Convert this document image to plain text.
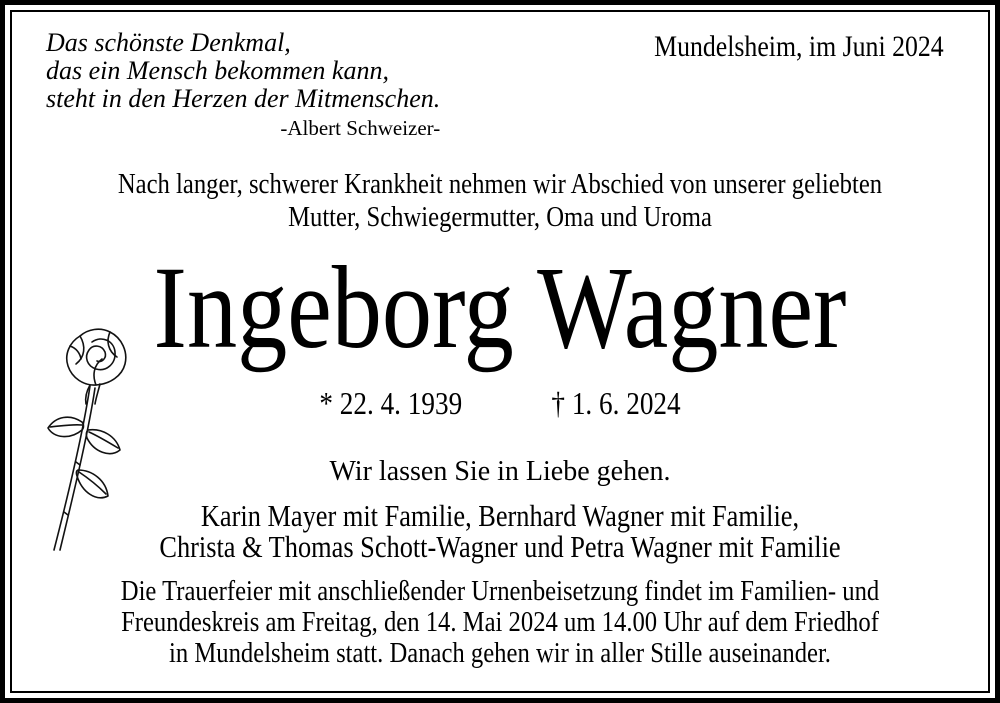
Das schönste Denkmal,
das ein Mensch bekommen kann,
steht in den Herzen der Mitmenschen.
-Albert Schweizer-
Mundelsheim, im Juni 2024
Nach langer, schwerer Krankheit nehmen wir Abschied von unserer geliebten
Mutter, Schwiegermutter, Oma und Uroma
Ingeborg Wagner
* 22. 4. 1939	† 1. 6. 2024
Wir lassen Sie in Liebe gehen.
Karin Mayer mit Familie, Bernhard Wagner mit Familie,
Christa & Thomas Schott-Wagner und Petra Wagner mit Familie
Die Trauerfeier mit anschließender Urnenbeisetzung findet im Familien- und
Freundeskreis am Freitag, den 14. Mai 2024 um 14.00 Uhr auf dem Friedhof
in Mundelsheim statt. Danach gehen wir in aller Stille auseinander.
